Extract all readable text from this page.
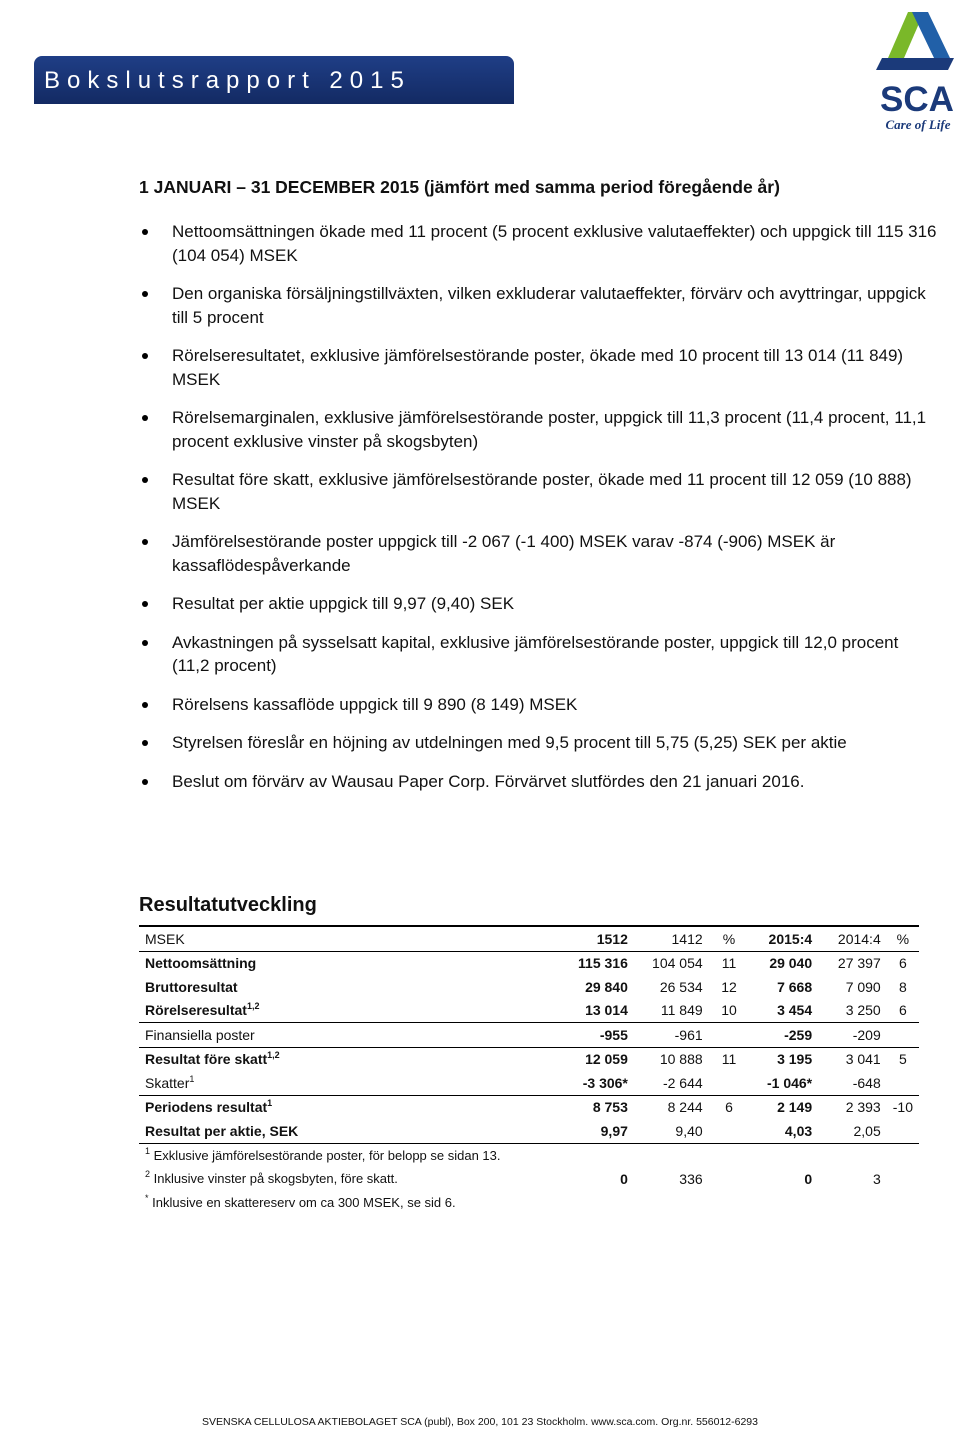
Bokslutsrapport 2015	SCA
Care of Life
1 JANUARI – 31 DECEMBER 2015 (jämfört med samma period föregående år)
Nettoomsättningen ökade med 11 procent (5 procent exklusive valutaeffekter) och uppgick till 115 316 (104 054) MSEK
Den organiska försäljningstillväxten, vilken exkluderar valutaeffekter, förvärv och avyttringar, uppgick till 5 procent
Rörelseresultatet, exklusive jämförelsestörande poster, ökade med 10 procent till 13 014 (11 849) MSEK
Rörelsemarginalen, exklusive jämförelsestörande poster, uppgick till 11,3 procent (11,4 procent, 11,1 procent exklusive vinster på skogsbyten)
Resultat före skatt, exklusive jämförelsestörande poster, ökade med 11 procent till 12 059 (10 888) MSEK
Jämförelsestörande poster uppgick till -2 067 (-1 400) MSEK varav -874 (-906) MSEK är kassaflödespåverkande
Resultat per aktie uppgick till 9,97 (9,40) SEK
Avkastningen på sysselsatt kapital, exklusive jämförelsestörande poster, uppgick till 12,0 procent (11,2 procent)
Rörelsens kassaflöde uppgick till 9 890 (8 149) MSEK
Styrelsen föreslår en höjning av utdelningen med 9,5 procent till 5,75 (5,25) SEK per aktie
Beslut om förvärv av Wausau Paper Corp. Förvärvet slutfördes den 21 januari 2016.
Resultatutveckling
MSEK	1512	1412	%	2015:4	2014:4	%
Nettoomsättning	115 316	104 054	11	29 040	27 397	6
Bruttoresultat	29 840	26 534	12	7 668	7 090	8
Rörelseresultat$^{1,2}$	13 014	11 849	10	3 454	3 250	6
Finansiella poster	-955	-961		-259	-209	
Resultat före skatt$^{1,2}$	12 059	10 888	11	3 195	3 041	5
Skatter$^1$	-3 306*	-2 644		-1 046*	-648	
Periodens resultat$^1$	8 753	8 244	6	2 149	2 393	-10
Resultat per aktie, SEK	9,97	9,40		4,03	2,05	
$^1$ Exklusive jämförelsestörande poster, för belopp se sidan 13.						
$^2$ Inklusive vinster på skogsbyten, före skatt.	0	336		0	3	
* Inklusive en skattereserv om ca 300 MSEK, se sid 6.						
SVENSKA CELLULOSA AKTIEBOLAGET SCA (publ), Box 200, 101 23 Stockholm. www.sca.com. Org.nr. 556012-6293
